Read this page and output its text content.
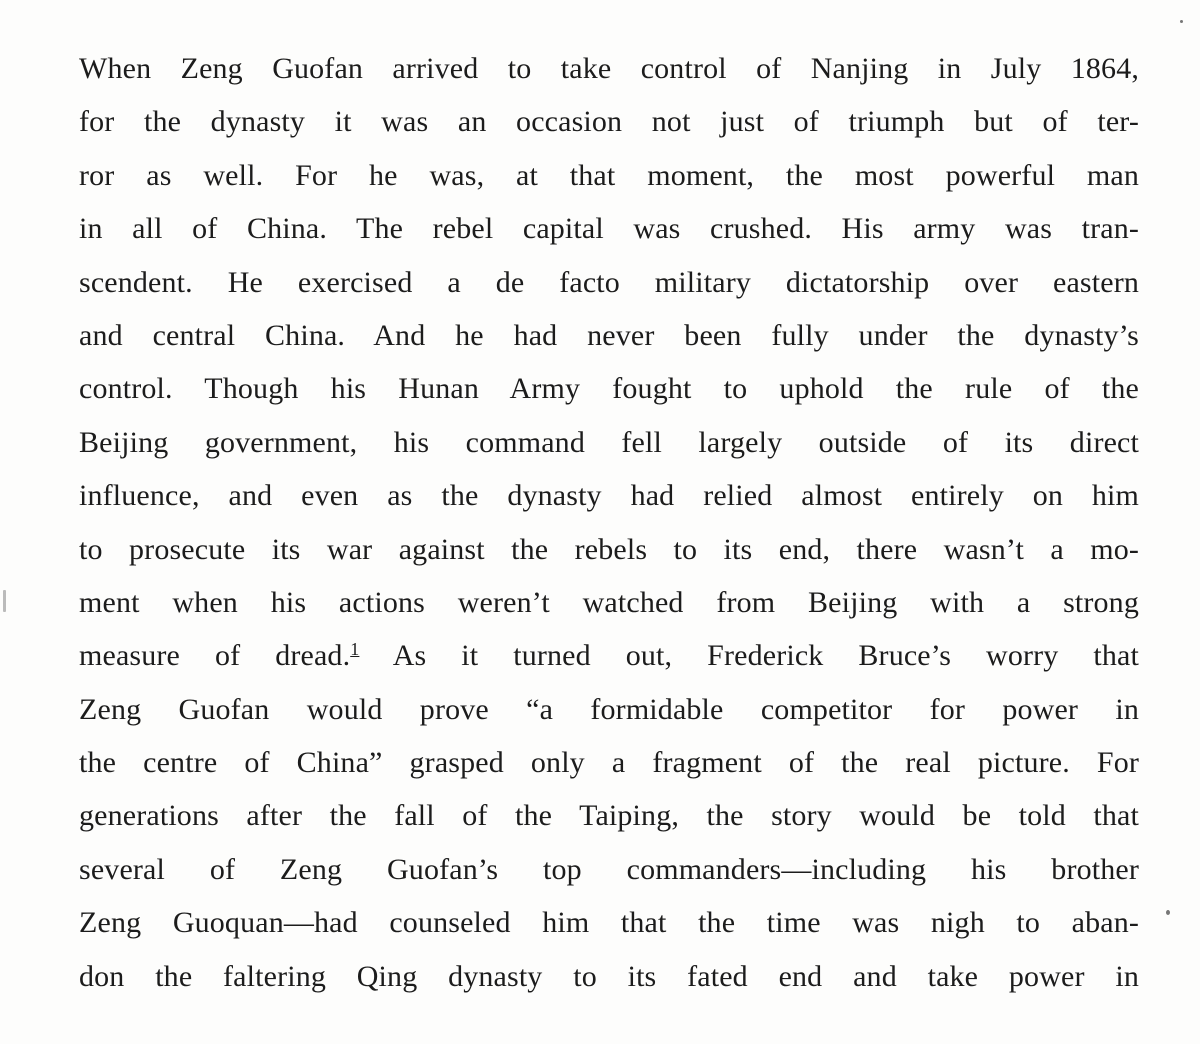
When Zeng Guofan arrived to take control of Nanjing in July 1864,
for the dynasty it was an occasion not just of triumph but of ter-
ror as well. For he was, at that moment, the most powerful man
in all of China. The rebel capital was crushed. His army was tran-
scendent. He exercised a de facto military dictatorship over eastern
and central China. And he had never been fully under the dynasty’s
control. Though his Hunan Army fought to uphold the rule of the
Beijing government, his command fell largely outside of its direct
influence, and even as the dynasty had relied almost entirely on him
to prosecute its war against the rebels to its end, there wasn’t a mo-
ment when his actions weren’t watched from Beijing with a strong
measure of dread.$^1$ As it turned out, Frederick Bruce’s worry that
Zeng Guofan would prove “a formidable competitor for power in
the centre of China” grasped only a fragment of the real picture. For
generations after the fall of the Taiping, the story would be told that
several of Zeng Guofan’s top commanders—including his brother
Zeng Guoquan—had counseled him that the time was nigh to aban-
don the faltering Qing dynasty to its fated end and take power in
